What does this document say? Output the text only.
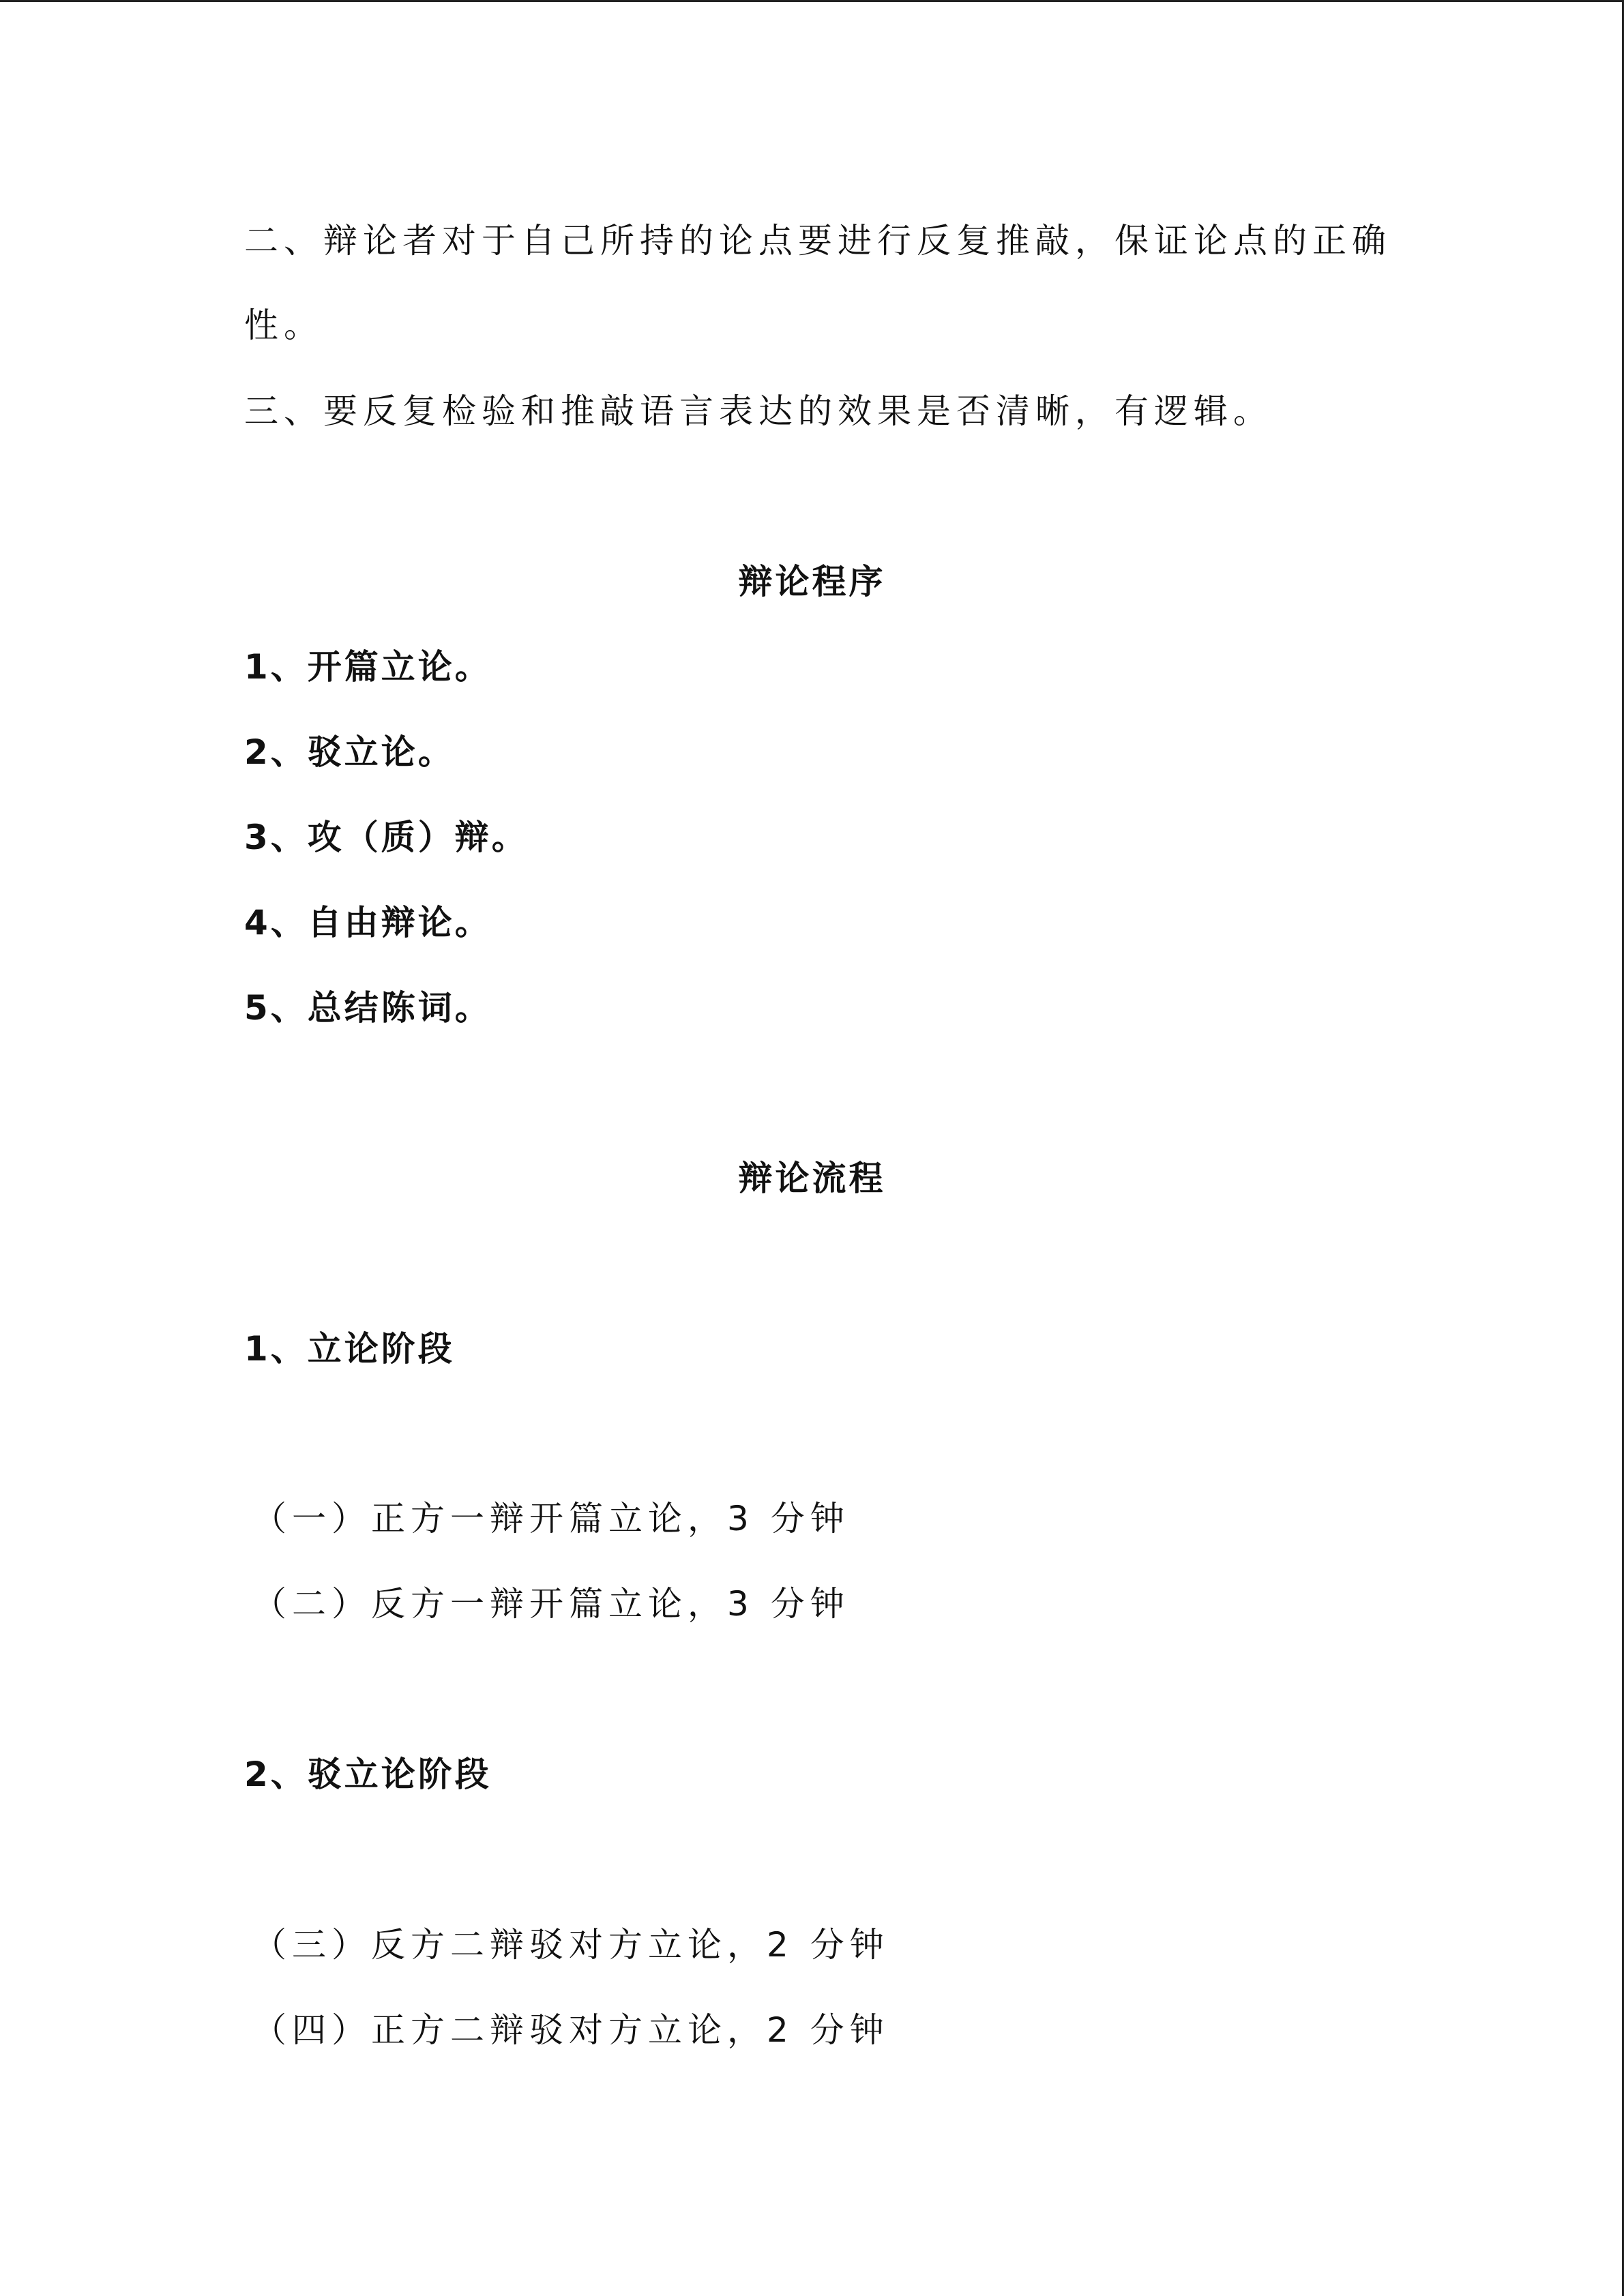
二、辩论者对于自己所持的论点要进行反复推敲，保证论点的正确
性。
三、要反复检验和推敲语言表达的效果是否清晰，有逻辑。
辩论程序
1、开篇立论。
2、驳立论。
3、攻（质）辩。
4、自由辩论。
5、总结陈词。
辩论流程
1、立论阶段
（一）正方一辩开篇立论，3 分钟
（二）反方一辩开篇立论，3 分钟
2、驳立论阶段
（三）反方二辩驳对方立论，2 分钟
（四）正方二辩驳对方立论，2 分钟
